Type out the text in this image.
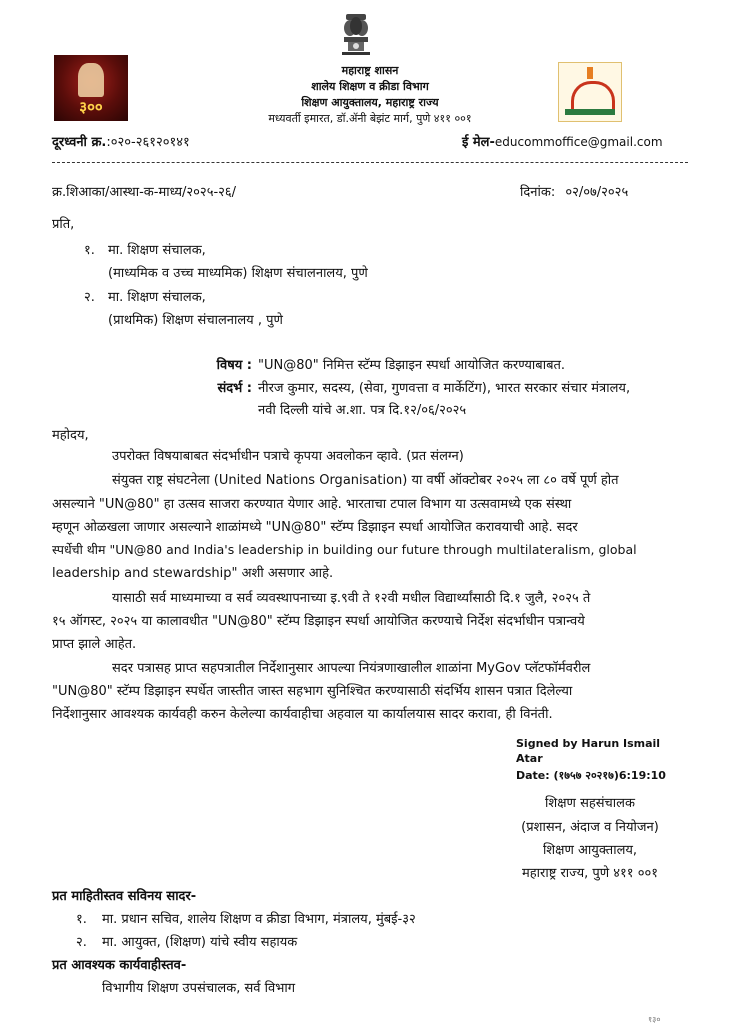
३००
महाराष्ट्र शासन
शालेय शिक्षण व क्रीडा विभाग
शिक्षण आयुक्तालय, महाराष्ट्र राज्य
मध्यवर्ती इमारत, डॉ.ॲनी बेझंट मार्ग, पुणे ४११ ००१
दूरध्वनी क्र.:०२०-२६१२०१४१	ई मेल-educommoffice@gmail.com
क्र.शिआका/आस्था-क-माध्य/२०२५-२६/	दिनांक: ०२/०७/२०२५
प्रति,
१. मा. शिक्षण संचालक,
(माध्यमिक व उच्च माध्यमिक) शिक्षण संचालनालय, पुणे
२. मा. शिक्षण संचालक,
(प्राथमिक) शिक्षण संचालनालय , पुणे
विषय : "UN@80" निमित्त स्टॅम्प डिझाइन स्पर्धा आयोजित करण्याबाबत.
संदर्भ : नीरज कुमार, सदस्य, (सेवा, गुणवत्ता व मार्केटिंग), भारत सरकार संचार मंत्रालय,
नवी दिल्ली यांचे अ.शा. पत्र दि.१२/०६/२०२५
महोदय,
उपरोक्त विषयाबाबत संदर्भाधीन पत्राचे कृपया अवलोकन व्हावे. (प्रत संलग्न)
संयुक्त राष्ट्र संघटनेला (United Nations Organisation) या वर्षी ऑक्टोबर २०२५ ला ८० वर्षे पूर्ण होत
असल्याने "UN@80" हा उत्सव साजरा करण्यात येणार आहे. भारताचा टपाल विभाग या उत्सवामध्ये एक संस्था
म्हणून ओळखला जाणार असल्याने शाळांमध्ये "UN@80" स्टॅम्प डिझाइन स्पर्धा आयोजित करावयाची आहे. सदर
स्पर्धेची थीम "UN@80 and India's leadership in building our future through multilateralism, global
leadership and stewardship" अशी असणार आहे.
यासाठी सर्व माध्यमाच्या व सर्व व्यवस्थापनाच्या इ.९वी ते १२वी मधील विद्यार्थ्यांसाठी दि.१ जुलै, २०२५ ते
१५ ऑगस्ट, २०२५ या कालावधीत "UN@80" स्टॅम्प डिझाइन स्पर्धा आयोजित करण्याचे निर्देश संदर्भाधीन पत्रान्वये
प्राप्त झाले आहेत.
सदर पत्रासह प्राप्त सहपत्रातील निर्देशानुसार आपल्या नियंत्रणाखालील शाळांना MyGov प्लॅटफॉर्मवरील
"UN@80" स्टॅम्प डिझाइन स्पर्धेत जास्तीत जास्त सहभाग सुनिश्चित करण्यासाठी संदर्भिय शासन पत्रात दिलेल्या
निर्देशानुसार आवश्यक कार्यवही करुन केलेल्या कार्यवाहीचा अहवाल या कार्यालयास सादर करावा, ही विनंती.
Signed by Harun Ismail
Atar
Date: (१७५७ २०२१७)6:19:10
शिक्षण सहसंचालक
(प्रशासन, अंदाज व नियोजन)
शिक्षण आयुक्तालय,
महाराष्ट्र राज्य, पुणे ४११ ००१
प्रत माहितीस्तव सविनय सादर-
१. मा. प्रधान सचिव, शालेय शिक्षण व क्रीडा विभाग, मंत्रालय, मुंबई-३२
२. मा. आयुक्त, (शिक्षण) यांचे स्वीय सहायक
प्रत आवश्यक कार्यवाहीस्तव-
विभागीय शिक्षण उपसंचालक, सर्व विभाग
१३०
